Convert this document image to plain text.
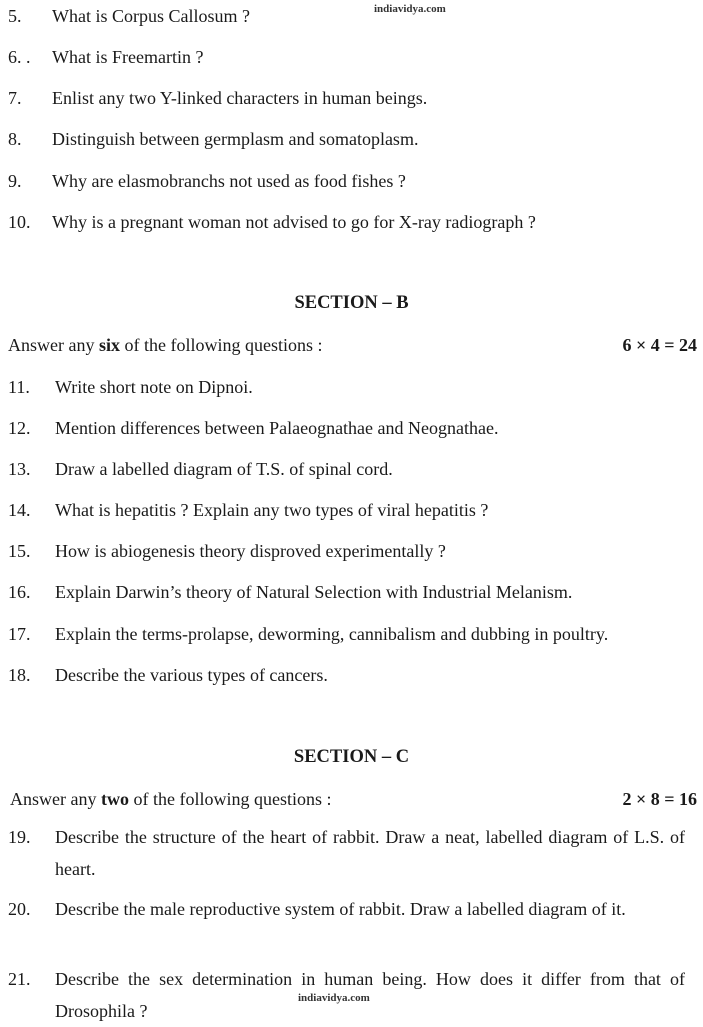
indiavidya.com
indiavidya.com
5.	What is Corpus Callosum ?
6. .	What is Freemartin ?
7.	Enlist any two Y-linked characters in human beings.
8.	Distinguish between germplasm and somatoplasm.
9.	Why are elasmobranchs not used as food fishes ?
10.	Why is a pregnant woman not advised to go for X-ray radiograph ?
SECTION – B
Answer any six of the following questions :	6 × 4 = 24
11.	Write short note on Dipnoi.
12.	Mention differences between Palaeognathae and Neognathae.
13.	Draw a labelled diagram of T.S. of spinal cord.
14.	What is hepatitis ? Explain any two types of viral hepatitis ?
15.	How is abiogenesis theory disproved experimentally ?
16.	Explain Darwin’s theory of Natural Selection with Industrial Melanism.
17.	Explain the terms-prolapse, deworming, cannibalism and dubbing in poultry.
18.	Describe the various types of cancers.
SECTION – C
Answer any two of the following questions :	2 × 8 = 16
19.	Describe the structure of the heart of rabbit. Draw a neat, labelled diagram of L.S. of heart.
20.	Describe the male reproductive system of rabbit. Draw a labelled diagram of it.
21.	Describe the sex determination in human being. How does it differ from that of Drosophila ?
